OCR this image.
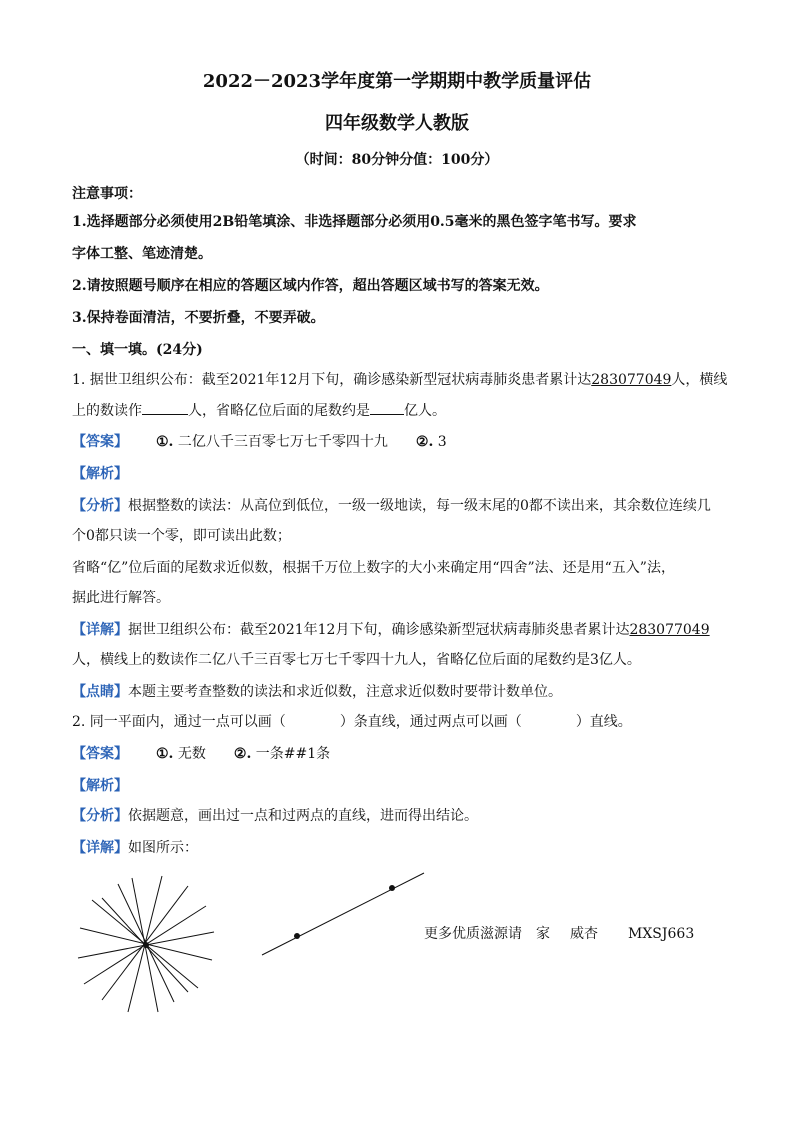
2022－2023学年度第一学期期中教学质量评估
四年级数学人教版
（时间：80分钟分值：100分）
注意事项：
1.选择题部分必须使用2B铅笔填涂、非选择题部分必须用0.5毫米的黑色签字笔书写。要求
字体工整、笔迹清楚。
2.请按照题号顺序在相应的答题区域内作答，超出答题区域书写的答案无效。
3.保持卷面清洁，不要折叠，不要弄破。
一、填一填。(24分)
1. 据世卫组织公布：截至2021年12月下旬，确诊感染新型冠状病毒肺炎患者累计达283077049人，横线
上的数读作	人，省略亿位后面的尾数约是 亿人。
【答案】 ①. 二亿八千三百零七万七千零四十九 ②. 3
【解析】
【分析】根据整数的读法：从高位到低位，一级一级地读，每一级末尾的0都不读出来，其余数位连续几
个0都只读一个零，即可读出此数；
省略“亿”位后面的尾数求近似数，根据千万位上数字的大小来确定用“四舍”法、还是用“五入”法，
据此进行解答。
【详解】据世卫组织公布：截至2021年12月下旬，确诊感染新型冠状病毒肺炎患者累计达283077049
人，横线上的数读作二亿八千三百零七万七千零四十九人，省略亿位后面的尾数约是3亿人。
【点睛】本题主要考查整数的读法和求近似数，注意求近似数时要带计数单位。
2. 同一平面内，通过一点可以画（	）条直线，通过两点可以画（	）直线。
【答案】 ①. 无数 ②. 一条##1条
【解析】
【分析】依据题意，画出过一点和过两点的直线，进而得出结论。
【详解】如图所示：
更多优质滋源请 家 威杏 MXSJ663
